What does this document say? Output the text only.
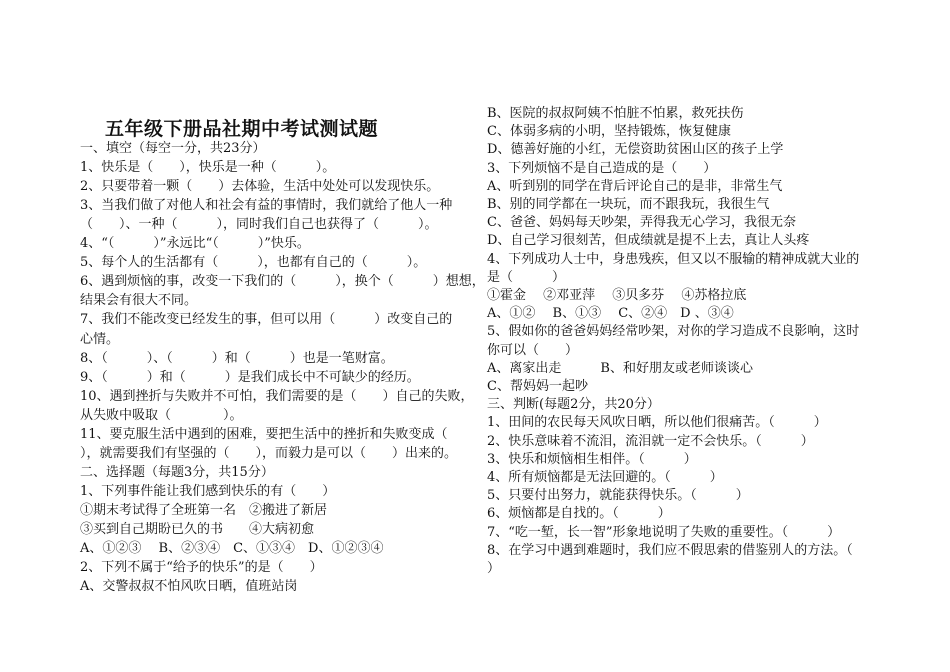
五年级下册品社期中考试测试题
一、填空（每空一分，共23分）
1、快乐是（　　），快乐是一种（　　　）。
2、只要带着一颗（　　）去体验，生活中处处可以发现快乐。
3、当我们做了对他人和社会有益的事情时，我们就给了他人一种
（　　）、一种（　　　），同时我们自己也获得了（　　　）。
4、“（　　　）”永远比“（　　　）”快乐。
5、每个人的生活都有（　　　），也都有自己的（　　　）。
6、遇到烦恼的事，改变一下我们的（　　　），换个（　　　）想想，
结果会有很大不同。
7、我们不能改变已经发生的事，但可以用（　　　）改变自己的
心情。
8、（　　　）、（　　　）和（　　　）也是一笔财富。
9、（　　　）和（　　　）是我们成长中不可缺少的经历。
10、遇到挫折与失败并不可怕，我们需要的是（　　）自己的失败，
从失败中吸取（　　　　）。
11、要克服生活中遇到的困难，要把生活中的挫折和失败变成（
），就需要我们有坚强的（　　），而毅力是可以（　　）出来的。
二、选择题（每题3分，共15分）
1、下列事件能让我们感到快乐的有（　　）
①期末考试得了全班第一名　②搬进了新居
③买到自己期盼已久的书　　④大病初愈
A、①②③　 B、②③④　C、①③④　D、①②③④
2、下列不属于“给予的快乐”的是（　　）
A、交警叔叔不怕风吹日晒，值班站岗
B、医院的叔叔阿姨不怕脏不怕累，救死扶伤
C、体弱多病的小明，坚持锻炼，恢复健康
D、德善好施的小红，无偿资助贫困山区的孩子上学
3、下列烦恼不是自己造成的是（　　）
A、听到别的同学在背后评论自己的是非，非常生气
B、别的同学都在一块玩，而不跟我玩，我很生气
C、爸爸、妈妈每天吵架，弄得我无心学习，我很无奈
D、自己学习很刻苦，但成绩就是提不上去，真让人头疼
4、下列成功人士中，身患残疾，但又以不服输的精神成就大业的
是（　　　）
①霍金　 ②邓亚萍　 ③贝多芬　 ④苏格拉底
A、①②　 B、①③　 C、②④　D 、③④
5、假如你的爸爸妈妈经常吵架，对你的学习造成不良影响，这时
你可以（　　）
A、离家出走　　　B、和好朋友或老师谈谈心
C、帮妈妈一起吵
三、判断(每题2分，共20分）
1、田间的农民每天风吹日晒，所以他们很痛苦。（　　　）
2、快乐意味着不流泪，流泪就一定不会快乐。（　　　）
3、快乐和烦恼相生相伴。（　　　）
4、所有烦恼都是无法回避的。（　　　）
5、只要付出努力，就能获得快乐。（　　　）
6、烦恼都是自找的。（　　　）
7、“吃一堑，长一智”形象地说明了失败的重要性。（　　　）
8、在学习中遇到难题时，我们应不假思索的借鉴别人的方法。（
）
